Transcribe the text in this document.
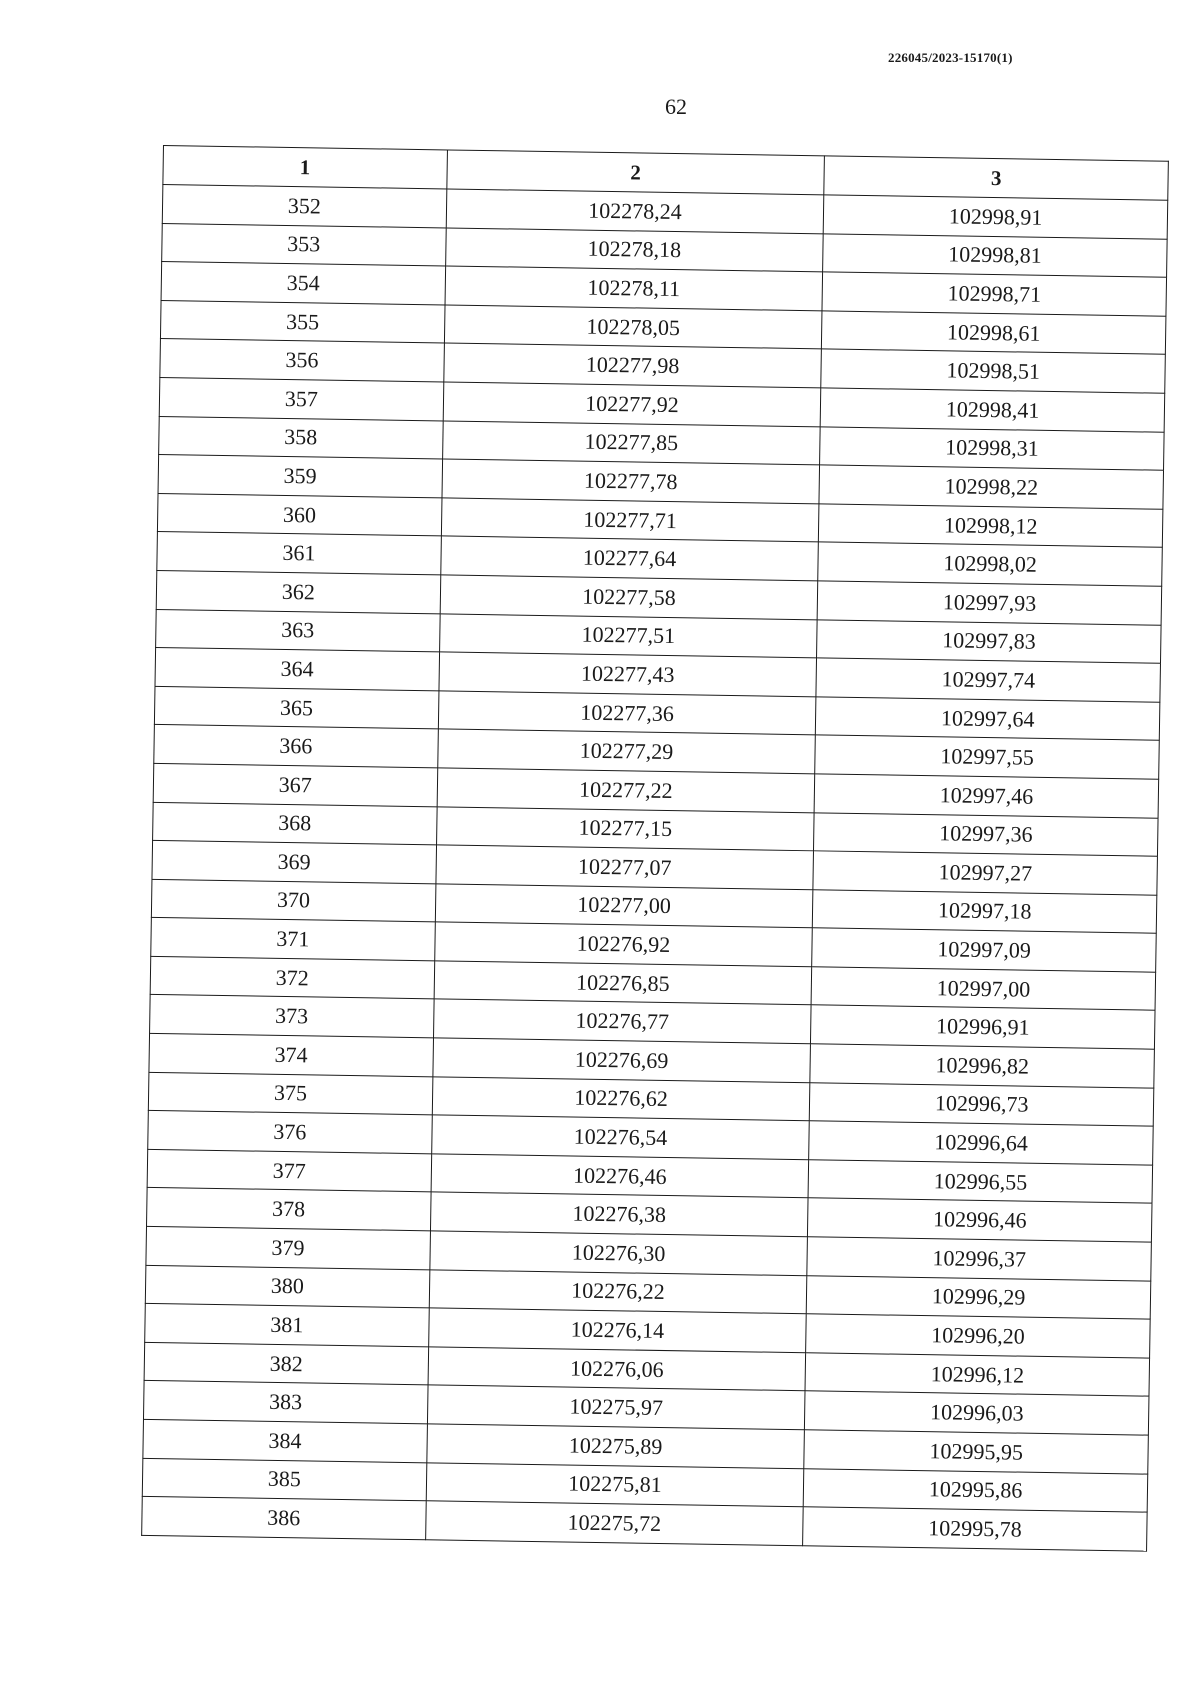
226045/2023-15170(1)
62
1	2	3
352	102278,24	102998,91
353	102278,18	102998,81
354	102278,11	102998,71
355	102278,05	102998,61
356	102277,98	102998,51
357	102277,92	102998,41
358	102277,85	102998,31
359	102277,78	102998,22
360	102277,71	102998,12
361	102277,64	102998,02
362	102277,58	102997,93
363	102277,51	102997,83
364	102277,43	102997,74
365	102277,36	102997,64
366	102277,29	102997,55
367	102277,22	102997,46
368	102277,15	102997,36
369	102277,07	102997,27
370	102277,00	102997,18
371	102276,92	102997,09
372	102276,85	102997,00
373	102276,77	102996,91
374	102276,69	102996,82
375	102276,62	102996,73
376	102276,54	102996,64
377	102276,46	102996,55
378	102276,38	102996,46
379	102276,30	102996,37
380	102276,22	102996,29
381	102276,14	102996,20
382	102276,06	102996,12
383	102275,97	102996,03
384	102275,89	102995,95
385	102275,81	102995,86
386	102275,72	102995,78
